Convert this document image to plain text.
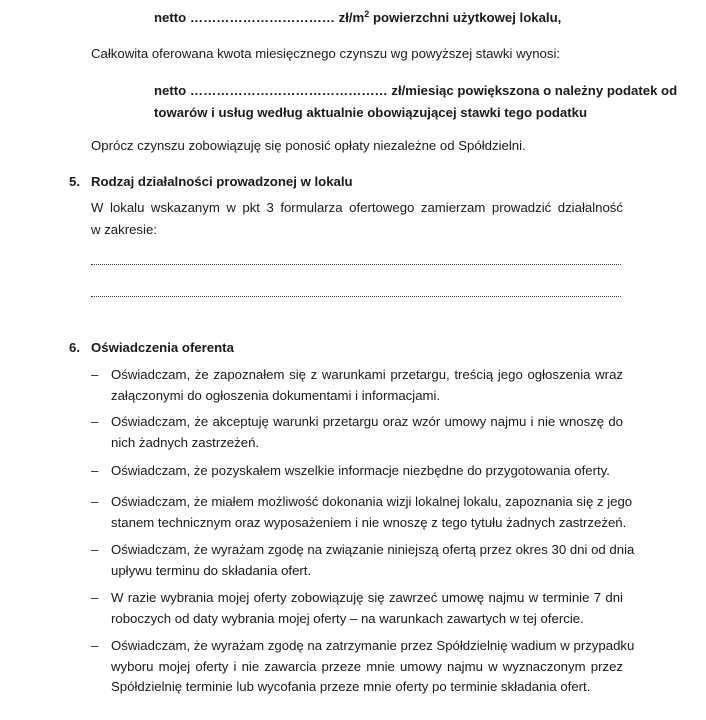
netto …………………………… $zł/m^2$ powierzchni użytkowej lokalu,
Całkowita oferowana kwota miesięcznego czynszu wg powyższej stawki wynosi:
netto ……………………………………… zł/miesiąc powiększona o należny podatek od
towarów i usług według aktualnie obowiązującej stawki tego podatku
Oprócz czynszu zobowiązuję się ponosić opłaty niezależne od Spółdzielni.
5. Rodzaj działalności prowadzonej w lokalu
W lokalu wskazanym w pkt 3 formularza ofertowego zamierzam prowadzić działalność
w zakresie:
6. Oświadczenia oferenta
– Oświadczam, że zapoznałem się z warunkami przetargu, treścią jego ogłoszenia wraz
załączonymi do ogłoszenia dokumentami i informacjami.
– Oświadczam, że akceptuję warunki przetargu oraz wzór umowy najmu i nie wnoszę do
nich żadnych zastrzeżeń.
– Oświadczam, że pozyskałem wszelkie informacje niezbędne do przygotowania oferty.
– Oświadczam, że miałem możliwość dokonania wizji lokalnej lokalu, zapoznania się z jego
stanem technicznym oraz wyposażeniem i nie wnoszę z tego tytułu żadnych zastrzeżeń.
– Oświadczam, że wyrażam zgodę na związanie niniejszą ofertą przez okres 30 dni od dnia
upływu terminu do składania ofert.
– W razie wybrania mojej oferty zobowiązuję się zawrzeć umowę najmu w terminie 7 dni
roboczych od daty wybrania mojej oferty – na warunkach zawartych w tej ofercie.
– Oświadczam, że wyrażam zgodę na zatrzymanie przez Spółdzielnię wadium w przypadku
wyboru mojej oferty i nie zawarcia przeze mnie umowy najmu w wyznaczonym przez
Spółdzielnię terminie lub wycofania przeze mnie oferty po terminie składania ofert.
